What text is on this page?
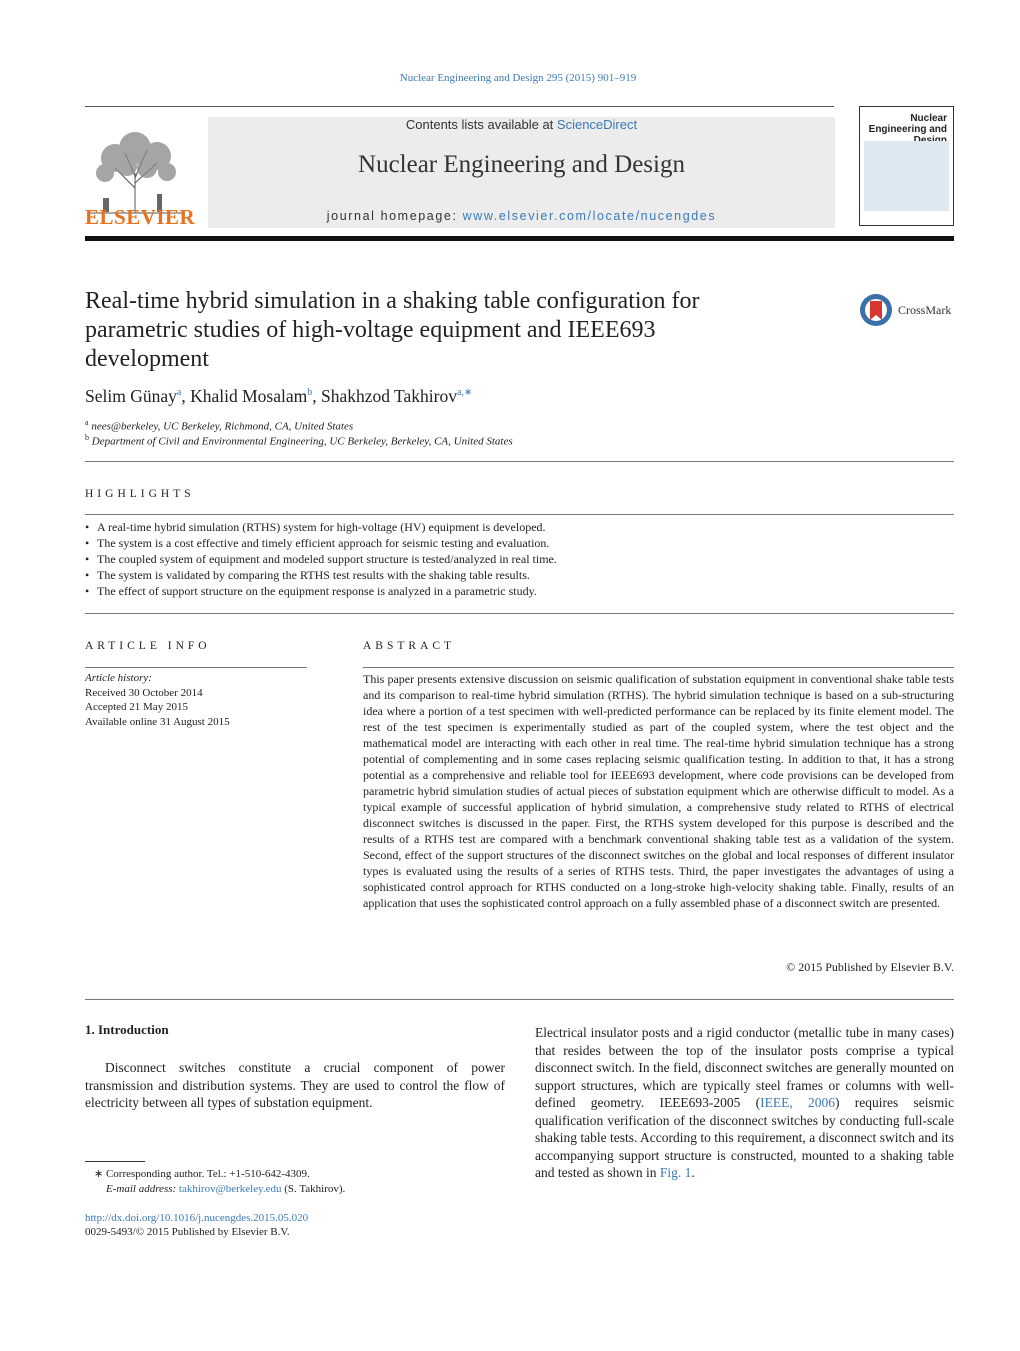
Nuclear Engineering and Design 295 (2015) 901–919
ELSEVIER
Contents lists available at ScienceDirect
Nuclear Engineering and Design
journal homepage: www.elsevier.com/locate/nucengdes
Nuclear Engineering and
Real-time hybrid simulation in a shaking table configuration for
parametric studies of high-voltage equipment and IEEE693
development
CrossMark
Selim Günay$^a$, Khalid Mosalam$^b$, Shakhzod Takhirov$^{a,∗}$
$^a$ nees@berkeley, UC Berkeley, Richmond, CA, United States
$^b$ Department of Civil and Environmental Engineering, UC Berkeley, Berkeley, CA, United States
HIGHLIGHTS
• A real-time hybrid simulation (RTHS) system for high-voltage (HV) equipment is developed.
• The system is a cost effective and timely efficient approach for seismic testing and evaluation.
• The coupled system of equipment and modeled support structure is tested/analyzed in real time.
• The system is validated by comparing the RTHS test results with the shaking table results.
• The effect of support structure on the equipment response is analyzed in a parametric study.
ARTICLE INFO
Article history:
Received 30 October 2014
Accepted 21 May 2015
Available online 31 August 2015
ABSTRACT
This paper presents extensive discussion on seismic qualification of substation equipment in conventional shake table tests and its comparison to real-time hybrid simulation (RTHS). The hybrid simulation technique is based on a sub-structuring idea where a portion of a test specimen with well-predicted performance can be replaced by its finite element model. The rest of the test specimen is experimentally studied as part of the coupled system, where the test object and the mathematical model are interacting with each other in real time. The real-time hybrid simulation technique has a strong potential of complementing and in some cases replacing seismic qualification testing. In addition to that, it has a strong potential as a comprehensive and reliable tool for IEEE693 development, where code provisions can be developed from parametric hybrid simulation studies of actual pieces of substation equipment which are otherwise difficult to model. As a typical example of successful application of hybrid simulation, a comprehensive study related to RTHS of electrical disconnect switches is discussed in the paper. First, the RTHS system developed for this purpose is described and the results of a RTHS test are compared with a benchmark conventional shaking table test as a validation of the system. Second, effect of the support structures of the disconnect switches on the global and local responses of different insulator types is evaluated using the results of a series of RTHS tests. Third, the paper investigates the advantages of using a sophisticated control approach for RTHS conducted on a long-stroke high-velocity shaking table. Finally, results of an application that uses the sophisticated control approach on a fully assembled phase of a disconnect switch are presented.
© 2015 Published by Elsevier B.V.
1. Introduction
Disconnect switches constitute a crucial component of power transmission and distribution systems. They are used to control the flow of electricity between all types of substation equipment.
Electrical insulator posts and a rigid conductor (metallic tube in many cases) that resides between the top of the insulator posts comprise a typical disconnect switch. In the field, disconnect switches are generally mounted on support structures, which are typically steel frames or columns with well-defined geometry. IEEE693-2005 (IEEE, 2006) requires seismic qualification verification of the disconnect switches by conducting full-scale shaking table tests. According to this requirement, a disconnect switch and its accompanying support structure is constructed, mounted to a shaking table and tested as shown in Fig. 1.
∗ Corresponding author. Tel.: +1-510-642-4309.
E-mail address: takhirov@berkeley.edu (S. Takhirov).
http://dx.doi.org/10.1016/j.nucengdes.2015.05.020
0029-5493/© 2015 Published by Elsevier B.V.
